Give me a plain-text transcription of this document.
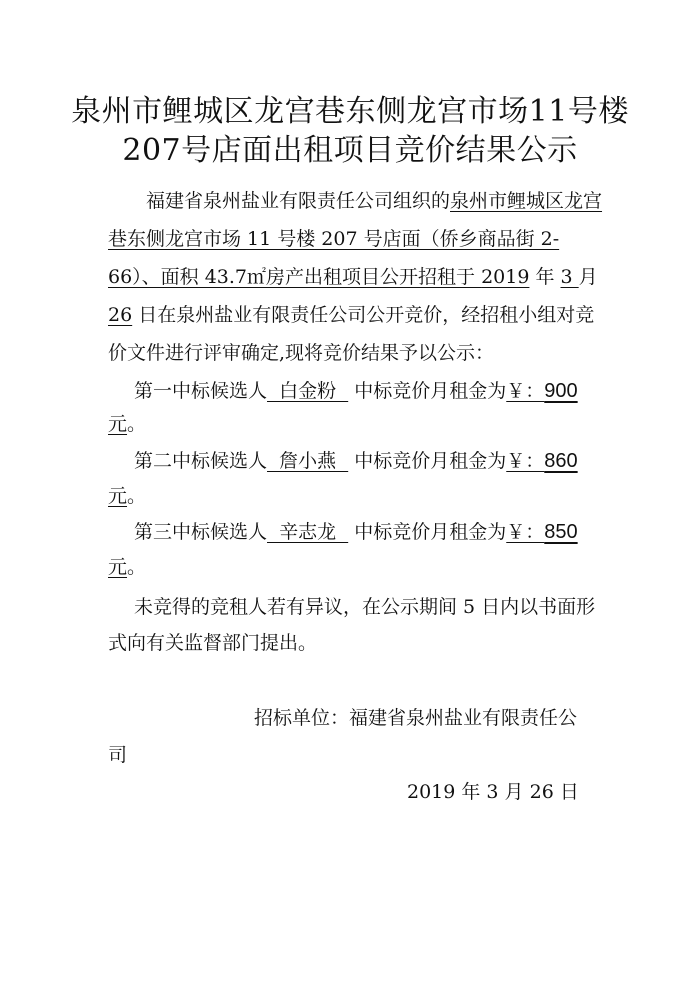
泉州市鲤城区龙宫巷东侧龙宫市场11号楼
207号店面出租项目竞价结果公示
福建省泉州盐业有限责任公司组织的泉州市鲤城区龙宫
巷东侧龙宫市场 11 号楼 207 号店面（侨乡商品街 2-
66）、面积 43.7㎡房产出租项目公开招租于 2019 年 3 月
26 日在泉州盐业有限责任公司公开竞价，经招租小组对竞
价文件进行评审确定,现将竞价结果予以公示：
第一中标候选人  白金粉   中标竞价月租金为￥：900
元。
第二中标候选人  詹小燕   中标竞价月租金为￥：860
元。
第三中标候选人  辛志龙   中标竞价月租金为￥：850
元。
未竞得的竞租人若有异议，在公示期间 5 日内以书面形
式向有关监督部门提出。
招标单位：福建省泉州盐业有限责任公
司
2019 年 3 月 26 日
